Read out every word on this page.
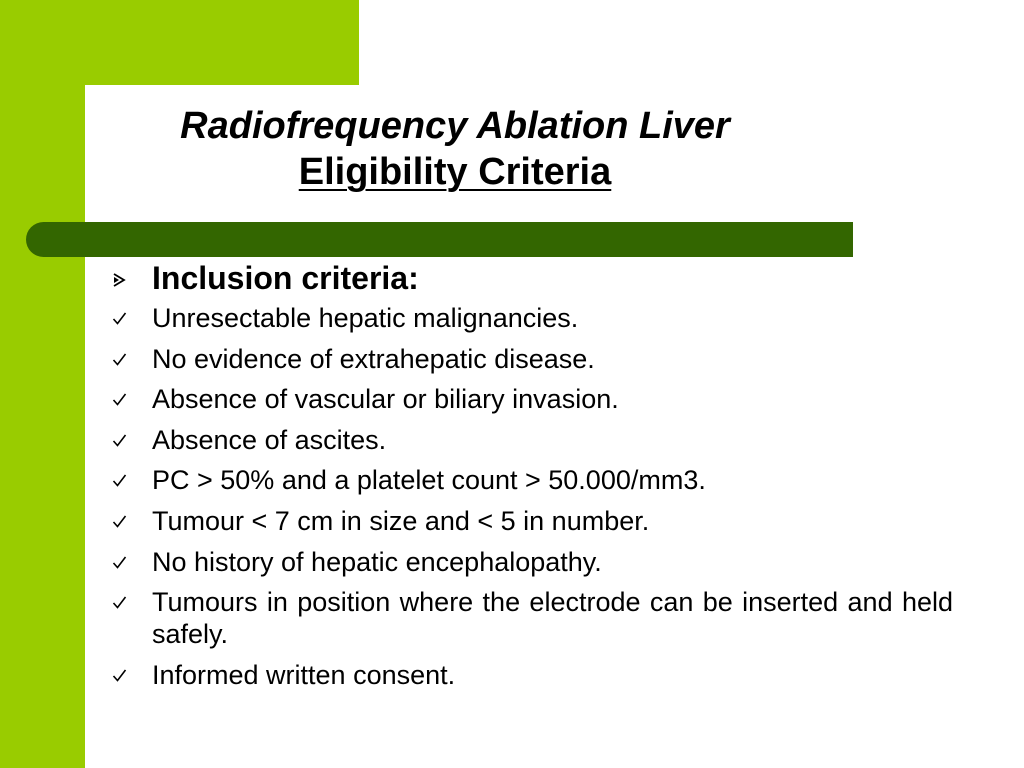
Radiofrequency Ablation Liver
Eligibility Criteria
Inclusion criteria:
Unresectable hepatic malignancies.
No evidence of extrahepatic disease.
Absence of vascular or biliary invasion.
Absence of ascites.
PC > 50% and a platelet count > 50.000/mm3.
Tumour < 7 cm in size and < 5 in number.
No history of hepatic encephalopathy.
Tumours in position where the electrode can be inserted and held safely.
Informed written consent.
